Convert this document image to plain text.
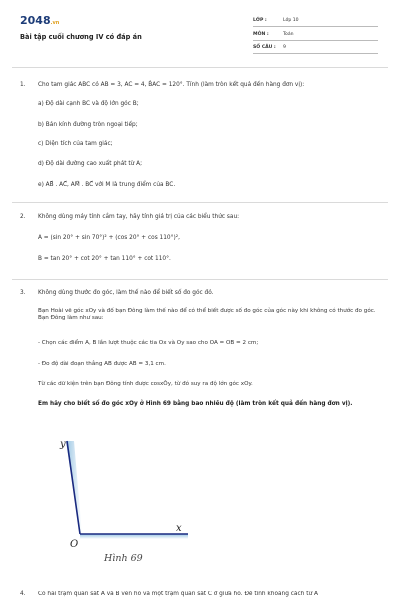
2048.vn
Bài tập cuối chương IV có đáp án
LỚP :	Lớp 10
MÔN :	Toán
SỐ CÂU : 9
1. Cho tam giác ABC có AB = 3, AC = 4, B̂AC = 120°. Tính (làm tròn kết quả đến hàng đơn vị):
a) Độ dài cạnh BC và độ lớn góc B;
b) Bán kính đường tròn ngoại tiếp;
c) Diện tích của tam giác;
d) Độ dài đường cao xuất phát từ A;
e) AB⃗ . AC⃗, AM⃗ . BC⃗ với M là trung điểm của BC.
2. Không dùng máy tính cầm tay, hãy tính giá trị của các biểu thức sau:
A = (sin 20° + sin 70°)² + (cos 20° + cos 110°)²,
B = tan 20° + cot 20° + tan 110° + cot 110°.
3. Không dùng thước đo góc, làm thế nào để biết số đo góc đó.
Bạn Hoài vẽ góc xOy và đố bạn Đông làm thế nào để có thể biết được số đo góc của góc này khi không có thước đo góc. Bạn Đông làm như sau:
- Chọn các điểm A, B lần lượt thuộc các tia Ox và Oy sao cho OA = OB = 2 cm;
- Đo độ dài đoạn thẳng AB được AB = 3,1 cm.
Từ các dữ kiện trên bạn Đông tính được cosxÔy, từ đó suy ra độ lớn góc xOy.
Em hãy cho biết số đo góc xOy ở Hình 69 bằng bao nhiêu độ (làm tròn kết quả đến hàng đơn vị).
y
x
O
Hình 69
4. Có hai trạm quan sát A và B ven hồ và một trạm quan sát C ở giữa hồ. Để tính khoảng cách từ A
